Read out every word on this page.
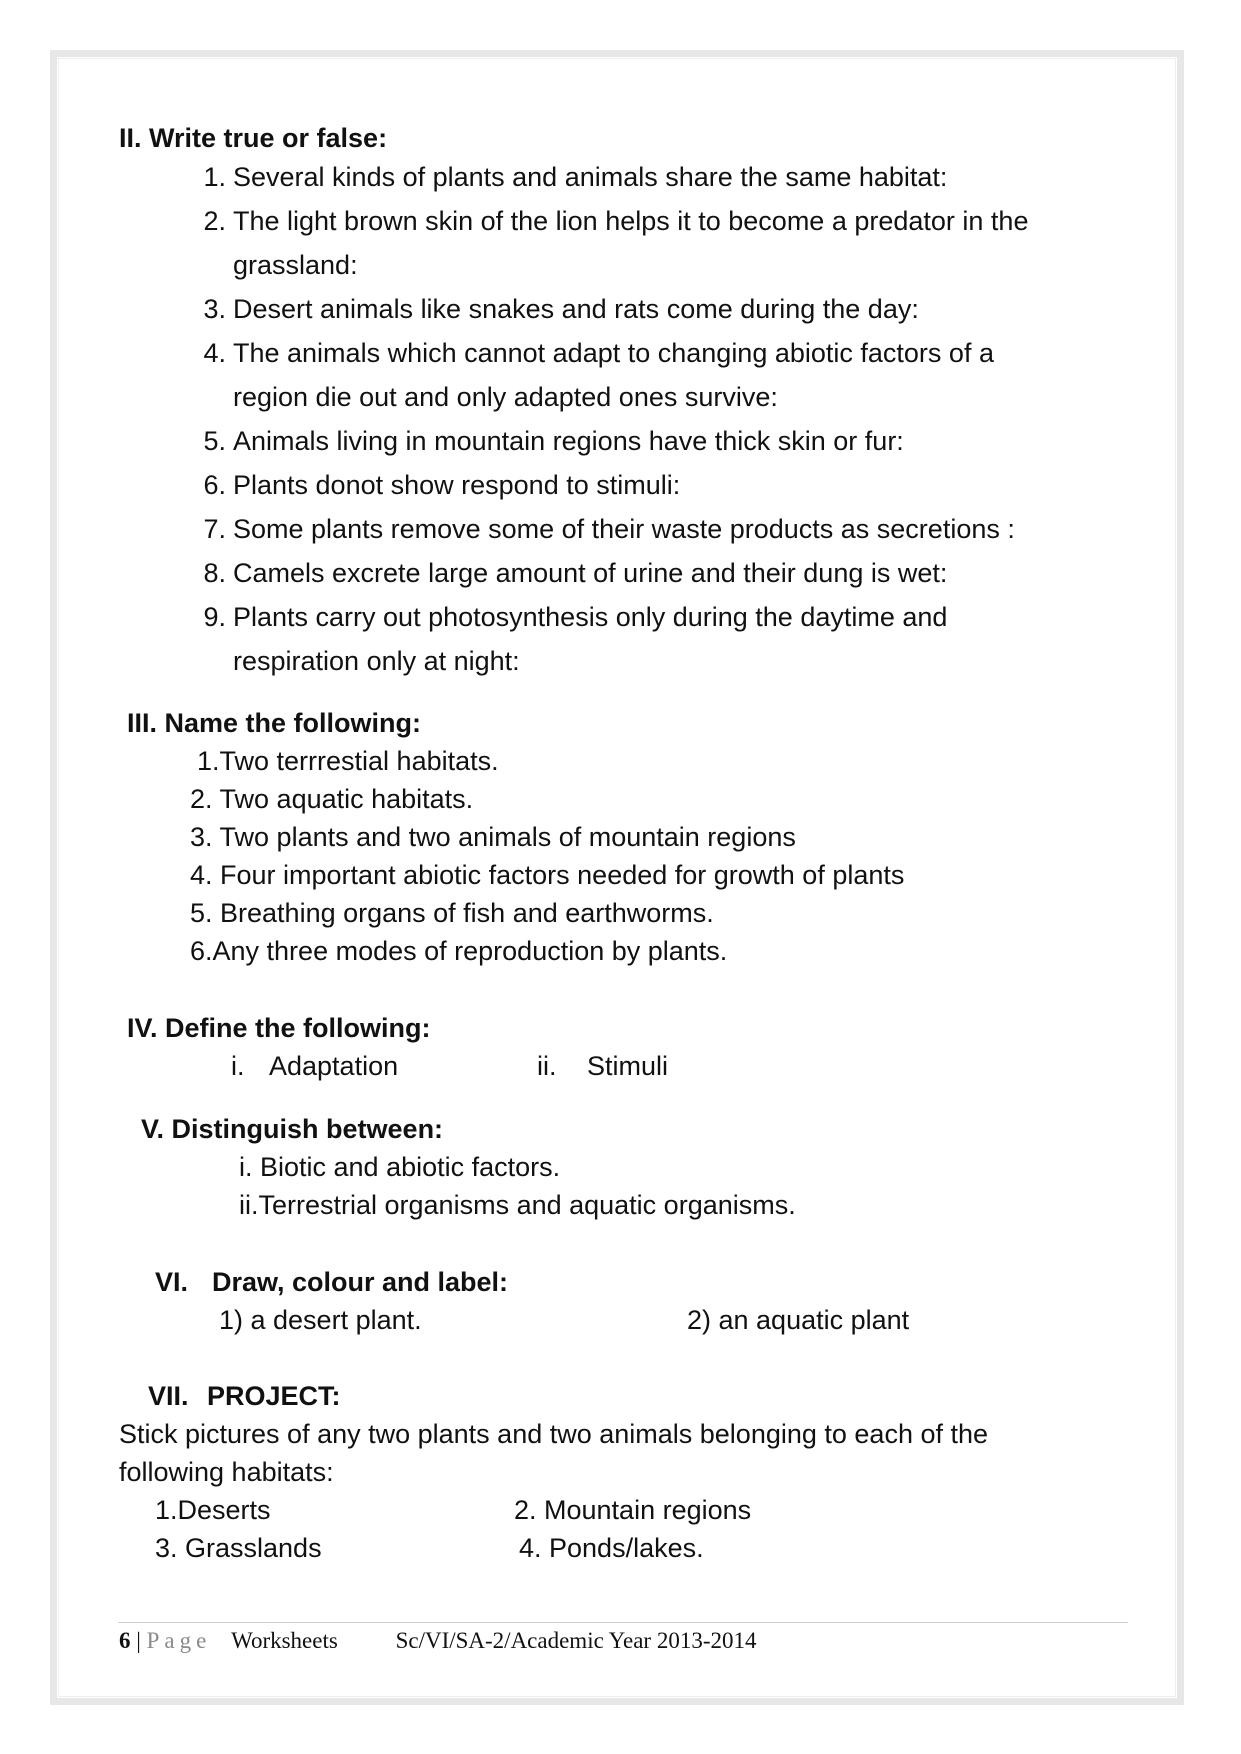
II. Write true or false:
1. Several kinds of plants and animals share the same habitat:
2. The light brown skin of the lion helps it to become a predator in the
grassland:
3. Desert animals like snakes and rats come during the day:
4. The animals which cannot adapt to changing abiotic factors of a
region die out and only adapted ones survive:
5. Animals living in mountain regions have thick skin or fur:
6. Plants donot show respond to stimuli:
7. Some plants remove some of their waste products as secretions :
8. Camels excrete large amount of urine and their dung is wet:
9. Plants carry out photosynthesis only during the daytime and
respiration only at night:
III. Name the following:
1.Two terrrestial habitats.
2. Two aquatic habitats.
3. Two plants and two animals of mountain regions
4. Four important abiotic factors needed for growth of plants
5. Breathing organs of fish and earthworms.
6.Any three modes of reproduction by plants.
IV. Define the following:
i. Adaptation	ii. Stimuli
V. Distinguish between:
i. Biotic and abiotic factors.
ii.Terrestrial organisms and aquatic organisms.
VI. Draw, colour and label:
1) a desert plant.	2) an aquatic plant
VII. PROJECT:
Stick pictures of any two plants and two animals belonging to each of the
following habitats:
1.Deserts	2. Mountain regions
3. Grasslands	4. Ponds/lakes.
6 | Page Worksheets	Sc/VI/SA-2/Academic Year 2013-2014
